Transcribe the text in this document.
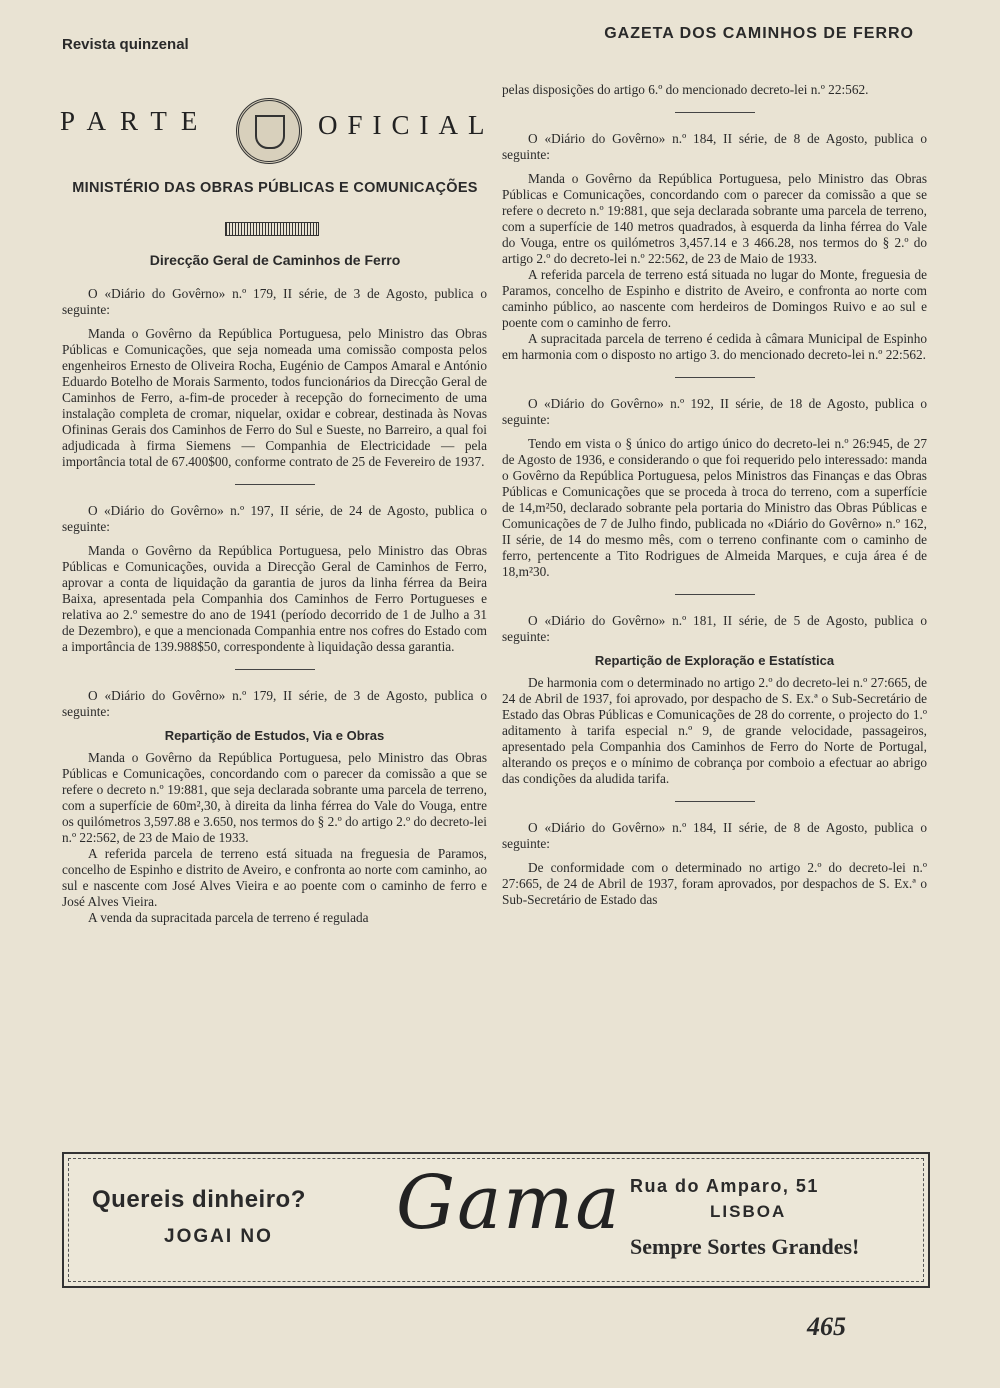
Revista quinzenal
GAZETA DOS CAMINHOS DE FERRO
PARTE	OFICIAL
MINISTÉRIO DAS OBRAS PÚBLICAS E COMUNICAÇÕES
Direcção Geral de Caminhos de Ferro

O «Diário do Govêrno» n.º 179, II série, de 3 de Agosto, publica o seguinte:

Manda o Govêrno da República Portuguesa, pelo Ministro das Obras Públicas e Comunicações, que seja nomeada uma comissão composta pelos engenheiros Ernesto de Oliveira Rocha, Eugénio de Campos Amaral e António Eduardo Botelho de Morais Sarmento, todos funcionários da Direcção Geral de Caminhos de Ferro, a-fim-de proceder à recepção do fornecimento de uma instalação completa de cromar, niquelar, oxidar e cobrear, destinada às Novas Ofininas Gerais dos Caminhos de Ferro do Sul e Sueste, no Barreiro, a qual foi adjudicada à firma Siemens — Companhia de Electricidade — pela importância total de 67.400$00, conforme contrato de 25 de Fevereiro de 1937.

O «Diário do Govêrno» n.º 197, II série, de 24 de Agosto, publica o seguinte:

Manda o Govêrno da República Portuguesa, pelo Ministro das Obras Públicas e Comunicações, ouvida a Direcção Geral de Caminhos de Ferro, aprovar a conta de liquidação da garantia de juros da linha férrea da Beira Baixa, apresentada pela Companhia dos Caminhos de Ferro Portugueses e relativa ao 2.º semestre do ano de 1941 (período decorrido de 1 de Julho a 31 de Dezembro), e que a mencionada Companhia entre nos cofres do Estado com a importância de 139.988$50, correspondente à liquidação dessa garantia.

O «Diário do Govêrno» n.º 179, II série, de 3 de Agosto, publica o seguinte:

Repartição de Estudos, Via e Obras

Manda o Govêrno da República Portuguesa, pelo Ministro das Obras Públicas e Comunicações, concordando com o parecer da comissão a que se refere o decreto n.º 19:881, que seja declarada sobrante uma parcela de terreno, com a superfície de 60m²,30, à direita da linha férrea do Vale do Vouga, entre os quilómetros 3,597.88 e 3.650, nos termos do § 2.º do artigo 2.º do decreto-lei n.º 22:562, de 23 de Maio de 1933.

A referida parcela de terreno está situada na freguesia de Paramos, concelho de Espinho e distrito de Aveiro, e confronta ao norte com caminho, ao sul e nascente com José Alves Vieira e ao poente com o caminho de ferro e José Alves Vieira.

A venda da supracitada parcela de terreno é regulada

pelas disposições do artigo 6.º do mencionado decreto-lei n.º 22:562.

O «Diário do Govêrno» n.º 184, II série, de 8 de Agosto, publica o seguinte:

Manda o Govêrno da República Portuguesa, pelo Ministro das Obras Públicas e Comunicações, concordando com o parecer da comissão a que se refere o decreto n.º 19:881, que seja declarada sobrante uma parcela de terreno, com a superfície de 140 metros quadrados, à esquerda da linha férrea do Vale do Vouga, entre os quilómetros 3,457.14 e 3 466.28, nos termos do § 2.º do artigo 2.º do decreto-lei n.º 22:562, de 23 de Maio de 1933.

A referida parcela de terreno está situada no lugar do Monte, freguesia de Paramos, concelho de Espinho e distrito de Aveiro, e confronta ao norte com caminho público, ao nascente com herdeiros de Domingos Ruivo e ao sul e poente com o caminho de ferro.

A supracitada parcela de terreno é cedida à câmara Municipal de Espinho em harmonia com o disposto no artigo 3. do mencionado decreto-lei n.º 22:562.

O «Diário do Govêrno» n.º 192, II série, de 18 de Agosto, publica o seguinte:

Tendo em vista o § único do artigo único do decreto-lei n.º 26:945, de 27 de Agosto de 1936, e considerando o que foi requerido pelo interessado: manda o Govêrno da República Portuguesa, pelos Ministros das Finanças e das Obras Públicas e Comunicações que se proceda à troca do terreno, com a superfície de 14,m²50, declarado sobrante pela portaria do Ministro das Obras Públicas e Comunicações de 7 de Julho findo, publicada no «Diário do Govêrno» n.º 162, II série, de 14 do mesmo mês, com o terreno confinante com o caminho de ferro, pertencente a Tito Rodrigues de Almeida Marques, e cuja área é de 18,m²30.

O «Diário do Govêrno» n.º 181, II série, de 5 de Agosto, publica o seguinte:

Repartição de Exploração e Estatística

De harmonia com o determinado no artigo 2.º do decreto-lei n.º 27:665, de 24 de Abril de 1937, foi aprovado, por despacho de S. Ex.ª o Sub-Secretário de Estado das Obras Públicas e Comunicações de 28 do corrente, o projecto do 1.º aditamento à tarifa especial n.º 9, de grande velocidade, passageiros, apresentado pela Companhia dos Caminhos de Ferro do Norte de Portugal, alterando os preços e o mínimo de cobrança por comboio a efectuar ao abrigo das condições da aludida tarifa.

O «Diário do Govêrno» n.º 184, II série, de 8 de Agosto, publica o seguinte:

De conformidade com o determinado no artigo 2.º do decreto-lei n.º 27:665, de 24 de Abril de 1937, foram aprovados, por despachos de S. Ex.ª o Sub-Secretário de Estado das

Quereis dinheiro?
JOGAI NO Gama Rua do Amparo, 51
LISBOA
Sempre Sortes Grandes!
465
